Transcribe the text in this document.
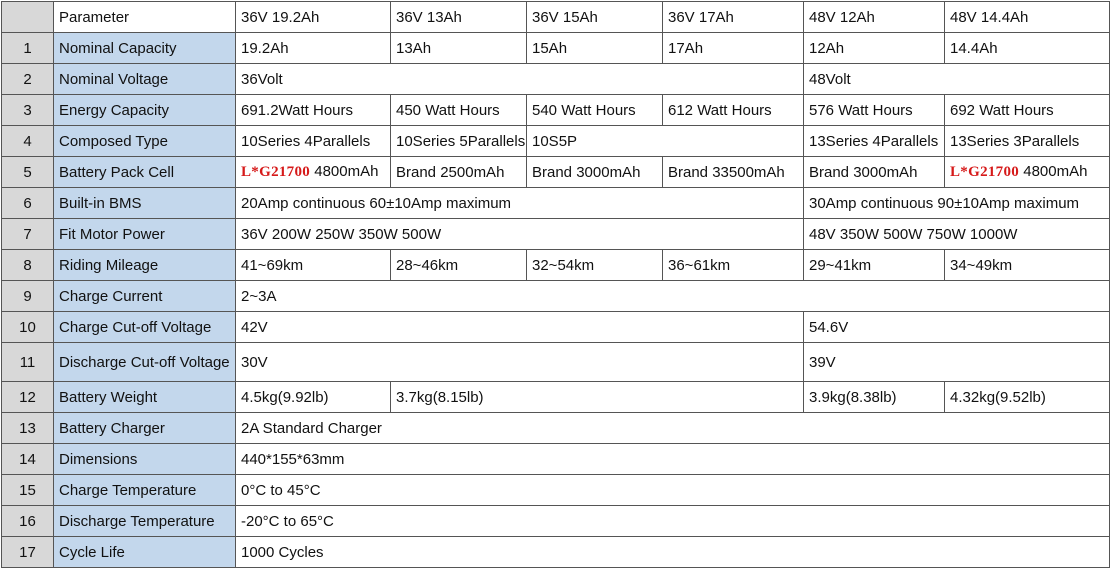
	Parameter	36V 19.2Ah	36V 13Ah	36V 15Ah	36V 17Ah	48V 12Ah	48V 14.4Ah
1	Nominal Capacity	19.2Ah	13Ah	15Ah	17Ah	12Ah	14.4Ah
2	Nominal Voltage	36Volt				48Volt	
3	Energy Capacity	691.2Watt Hours	450 Watt Hours	540 Watt Hours	612 Watt Hours	576 Watt Hours	692 Watt Hours
4	Composed Type	10Series 4Parallels	10Series 5Parallels	10S5P		13Series 4Parallels	13Series 3Parallels
5	Battery Pack Cell	L*G21700 4800mAh	Brand 2500mAh	Brand 3000mAh	Brand 33500mAh	Brand 3000mAh	L*G21700 4800mAh
6	Built-in BMS	20Amp continuous 60±10Amp maximum				30Amp continuous 90±10Amp maximum	
7	Fit Motor Power	36V 200W 250W 350W 500W				48V 350W 500W 750W 1000W	
8	Riding Mileage	41~69km	28~46km	32~54km	36~61km	29~41km	34~49km
9	Charge Current	2~3A					
10	Charge Cut-off Voltage	42V				54.6V	
11	Discharge Cut-off Voltage	30V				39V	
12	Battery Weight	4.5kg(9.92lb)	3.7kg(8.15lb)			3.9kg(8.38lb)	4.32kg(9.52lb)
13	Battery Charger	2A Standard Charger					
14	Dimensions	440*155*63mm					
15	Charge Temperature	0°C to 45°C					
16	Discharge Temperature	-20°C to 65°C					
17	Cycle Life	1000 Cycles					
